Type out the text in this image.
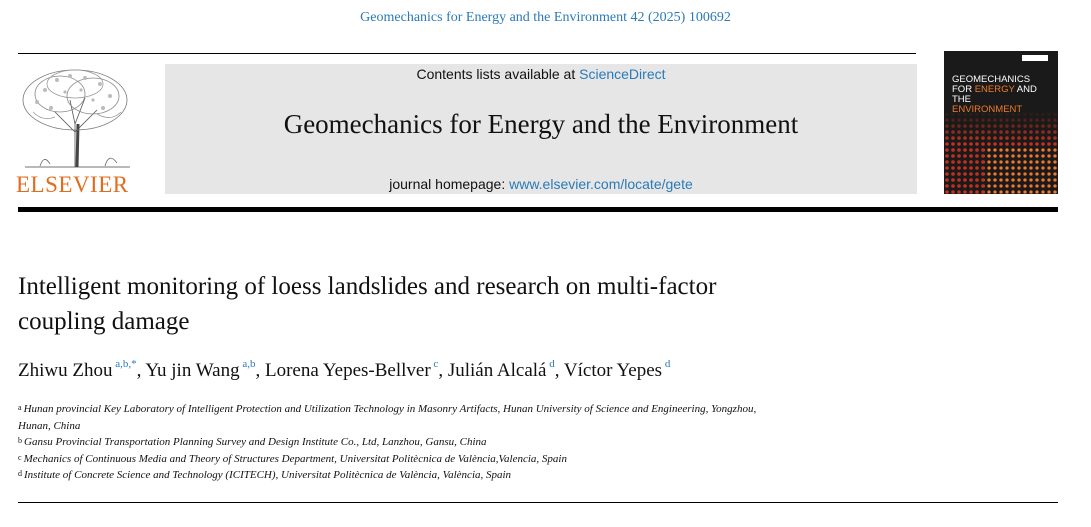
Geomechanics for Energy and the Environment 42 (2025) 100692
ELSEVIER
Contents lists available at ScienceDirect
Geomechanics for Energy and the Environment
journal homepage: www.elsevier.com/locate/gete
GEOMECHANICS
FOR ENERGY AND THE
ENVIRONMENT
Intelligent monitoring of loess landslides and research on multi-factor
coupling damage
Zhiwu Zhou $^{a,b,*}$, Yu jin Wang $^{a,b}$, Lorena Yepes-Bellver $^c$, Julián Alcalá $^d$, Víctor Yepes $^d$
$^a$ Hunan provincial Key Laboratory of Intelligent Protection and Utilization Technology in Masonry Artifacts, Hunan University of Science and Engineering, Yongzhou,
Hunan, China
$^b$ Gansu Provincial Transportation Planning Survey and Design Institute Co., Ltd, Lanzhou, Gansu, China
$^c$ Mechanics of Continuous Media and Theory of Structures Department, Universitat Politècnica de València,Valencia, Spain
$^d$ Institute of Concrete Science and Technology (ICITECH), Universitat Politècnica de València, València, Spain
